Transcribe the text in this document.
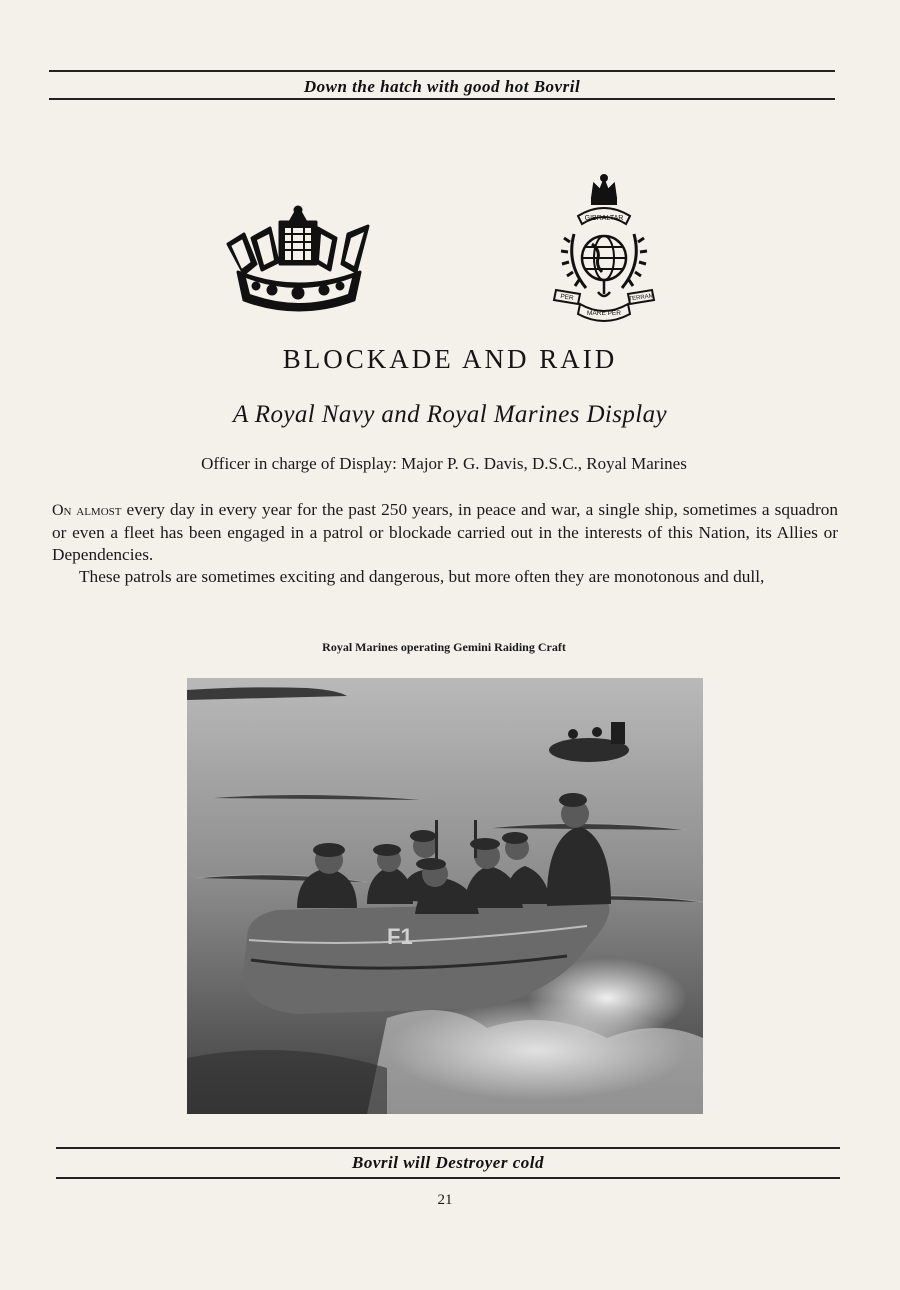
Down the hatch with good hot Bovril
GIBRALTAR
PER	TERRAM
MARE PER
BLOCKADE AND RAID
A Royal Navy and Royal Marines Display
Officer in charge of Display: Major P. G. Davis, D.S.C., Royal Marines

On almost every day in every year for the past 250 years, in peace and war, a single ship, sometimes a squadron or even a fleet has been engaged in a patrol or blockade carried out in the interests of this Nation, its Allies or Dependencies.

These patrols are sometimes exciting and dangerous, but more often they are monotonous and dull,

Royal Marines operating Gemini Raiding Craft
F1
Bovril will Destroyer cold
21
